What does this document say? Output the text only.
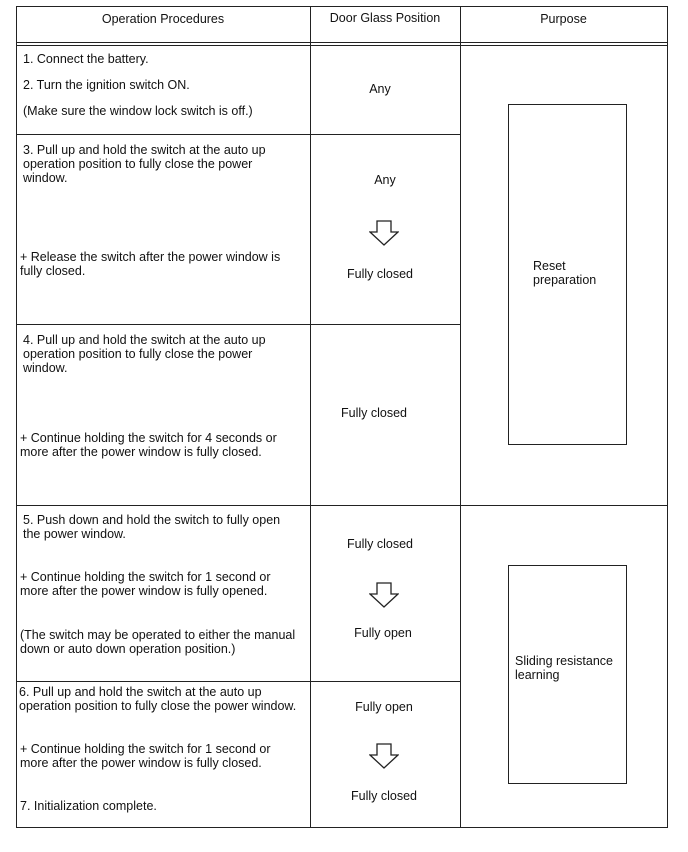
Operation Procedures	Door Glass Position	Purpose
1. Connect the battery.
2. Turn the ignition switch ON.
(Make sure the window lock switch is off.)
Any
3. Pull up and hold the switch at the auto up
operation position to fully close the power
window.
+ Release the switch after the power window is
fully closed.
Any
Fully closed
4. Pull up and hold the switch at the auto up
operation position to fully close the power
window.
+ Continue holding the switch for 4 seconds or
more after the power window is fully closed.
Fully closed
5. Push down and hold the switch to fully open
the power window.
+ Continue holding the switch for 1 second or
more after the power window is fully opened.
(The switch may be operated to either the manual
down or auto down operation position.)
Fully closed
Fully open
6. Pull up and hold the switch at the auto up
operation position to fully close the power window.
+ Continue holding the switch for 1 second or
more after the power window is fully closed.
7. Initialization complete.
Fully open
Fully closed
Reset
preparation
Sliding resistance
learning
